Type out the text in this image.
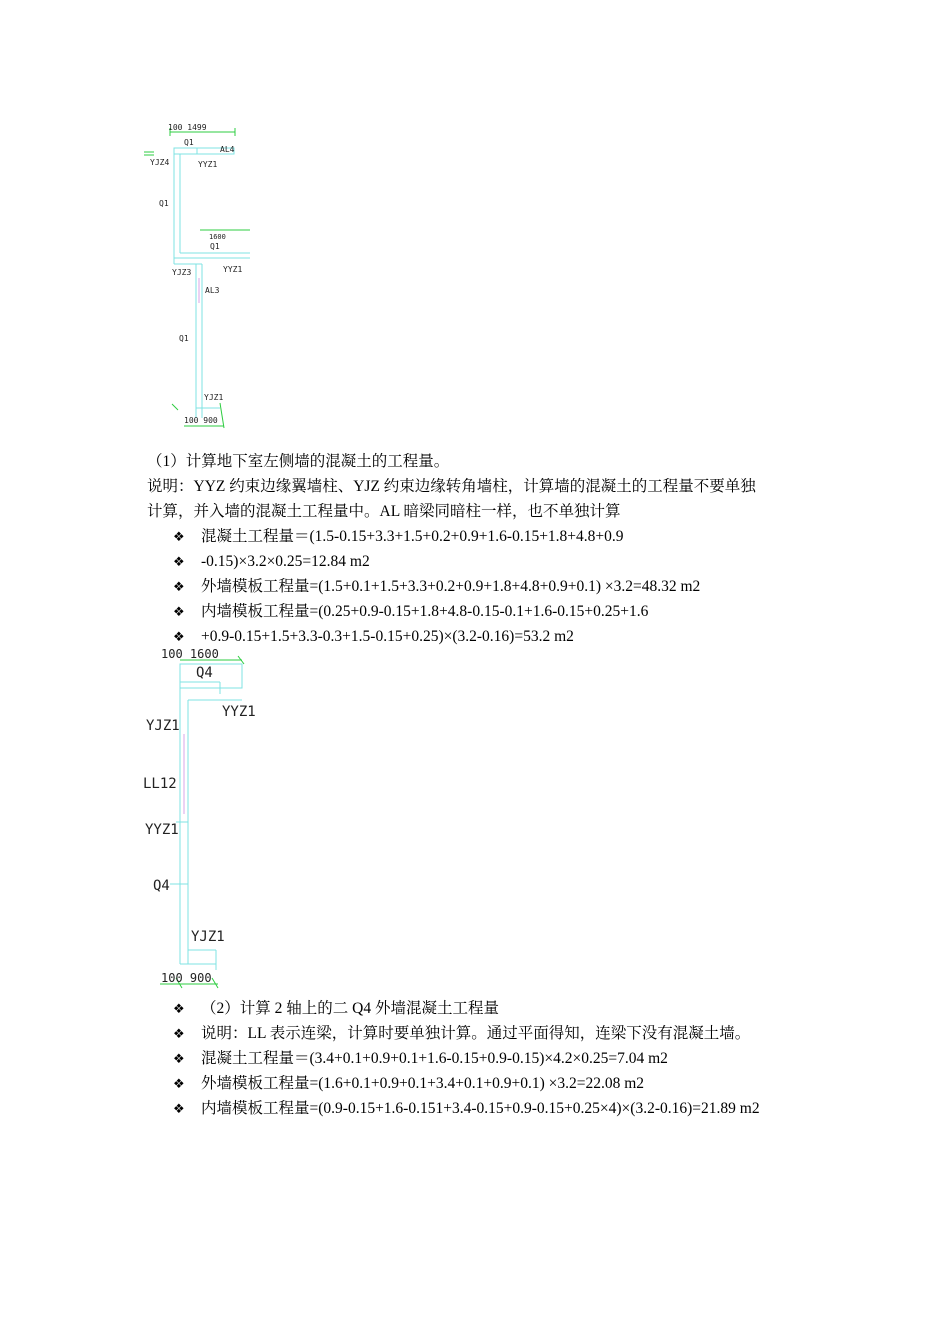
100 1499
Q1
AL4
YJZ4	YYZ1
Q1
1600
Q1
YJZ3	YYZ1
AL3
Q1
YJZ1
100 900
（1）计算地下室左侧墙的混凝土的工程量。
说明：YYZ 约束边缘翼墙柱、YJZ 约束边缘转角墙柱，计算墙的混凝土的工程量不要单独
计算，并入墙的混凝土工程量中。AL 暗梁同暗柱一样，也不单独计算
❖ 混凝土工程量＝(1.5-0.15+3.3+1.5+0.2+0.9+1.6-0.15+1.8+4.8+0.9
❖ -0.15)×3.2×0.25=12.84 m2
❖ 外墙模板工程量=(1.5+0.1+1.5+3.3+0.2+0.9+1.8+4.8+0.9+0.1) ×3.2=48.32 m2
❖ 内墙模板工程量=(0.25+0.9-0.15+1.8+4.8-0.15-0.1+1.6-0.15+0.25+1.6
❖ +0.9-0.15+1.5+3.3-0.3+1.5-0.15+0.25)×(3.2-0.16)=53.2 m2
100 1600
Q4
YYZ1
YJZ1
LL12
YYZ1
Q4
YJZ1
100 900
❖ （2）计算 2 轴上的二 Q4 外墙混凝土工程量
❖ 说明：LL 表示连梁，计算时要单独计算。通过平面得知，连梁下没有混凝土墙。
❖ 混凝土工程量＝(3.4+0.1+0.9+0.1+1.6-0.15+0.9-0.15)×4.2×0.25=7.04 m2
❖ 外墙模板工程量=(1.6+0.1+0.9+0.1+3.4+0.1+0.9+0.1) ×3.2=22.08 m2
❖ 内墙模板工程量=(0.9-0.15+1.6-0.151+3.4-0.15+0.9-0.15+0.25×4)×(3.2-0.16)=21.89 m2
